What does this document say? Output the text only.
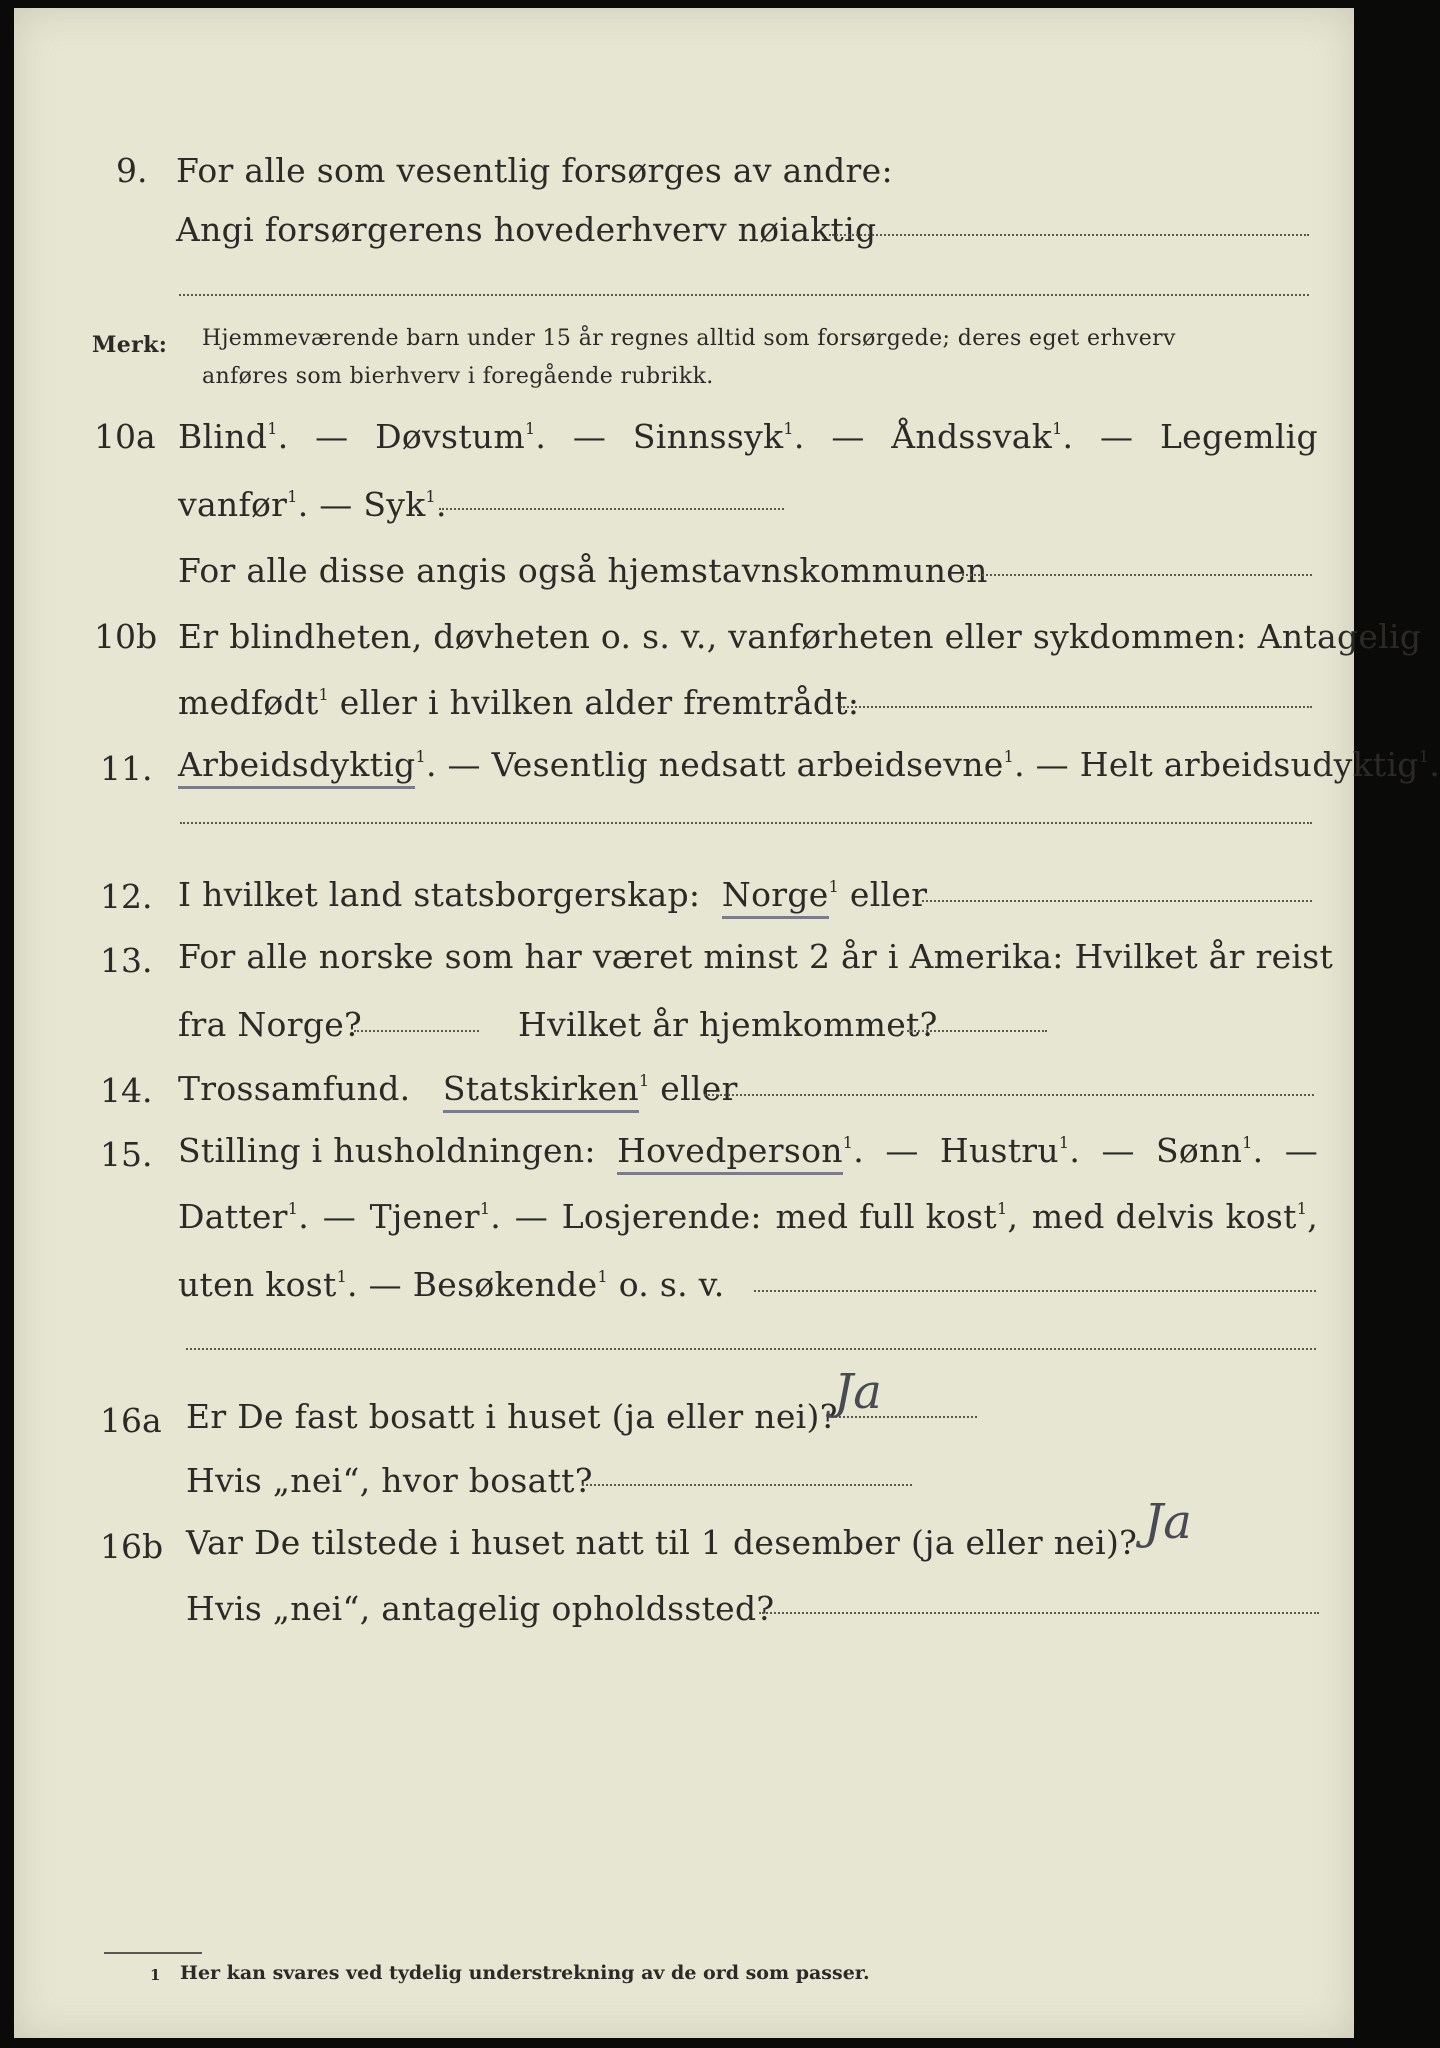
9. For alle som vesentlig forsørges av andre:
Angi forsørgerens hovederhverv nøiaktig
Merk: Hjemmeværende barn under 15 år regnes alltid som forsørgede; deres eget erhverv
anføres som bierhverv i foregående rubrikk.
10a Blind$^1$. — Døvstum$^1$. — Sinnssyk$^1$. — Åndssvak$^1$. — Legemlig
vanfør$^1$. — Syk$^1$.
For alle disse angis også hjemstavnskommunen
10b Er blindheten, døvheten o. s. v., vanførheten eller sykdommen: Antagelig
medfødt$^1$ eller i hvilken alder fremtrådt:
11. Arbeidsdyktig$^1$. — Vesentlig nedsatt arbeidsevne$^1$. — Helt arbeidsudyktig$^1$.
12. I hvilket land statsborgerskap: Norge$^1$ eller
13. For alle norske som har været minst 2 år i Amerika: Hvilket år reist
fra Norge?	Hvilket år hjemkommet?
14. Trossamfund. Statskirken$^1$ eller
15. Stilling i husholdningen: Hovedperson$^1$. — Hustru$^1$. — Sønn$^1$. —
Datter$^1$. — Tjener$^1$. — Losjerende: med full kost$^1$, med delvis kost$^1$,
uten kost$^1$. — Besøkende$^1$ o. s. v.
16a Er De fast bosatt i huset (ja eller nei)?
Ja
Hvis „nei“, hvor bosatt?
16b Var De tilstede i huset natt til 1 desember (ja eller nei)? Ja
Hvis „nei“, antagelig opholdssted?
1 Her kan svares ved tydelig understrekning av de ord som passer.
